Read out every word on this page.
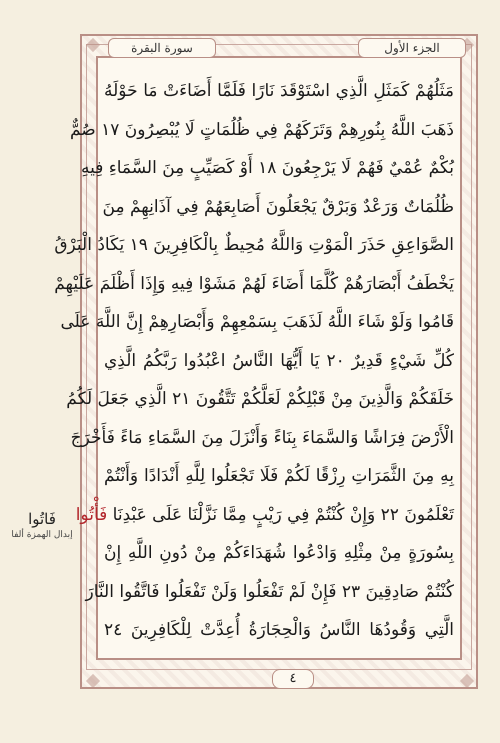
الجزء الأول
سورة البقرة
مَثَلُهُمْ كَمَثَلِ الَّذِي اسْتَوْقَدَ نَارًا فَلَمَّا أَضَاءَتْ مَا حَوْلَهُ
ذَهَبَ اللَّهُ بِنُورِهِمْ وَتَرَكَهُمْ فِي ظُلُمَاتٍ لَا يُبْصِرُونَ ١٧ صُمٌّ
بُكْمٌ عُمْيٌ فَهُمْ لَا يَرْجِعُونَ ١٨ أَوْ كَصَيِّبٍ مِنَ السَّمَاءِ فِيهِ
ظُلُمَاتٌ وَرَعْدٌ وَبَرْقٌ يَجْعَلُونَ أَصَابِعَهُمْ فِي آذَانِهِمْ مِنَ
الصَّوَاعِقِ حَذَرَ الْمَوْتِ وَاللَّهُ مُحِيطٌ بِالْكَافِرِينَ ١٩ يَكَادُ الْبَرْقُ
يَخْطَفُ أَبْصَارَهُمْ كُلَّمَا أَضَاءَ لَهُمْ مَشَوْا فِيهِ وَإِذَا أَظْلَمَ عَلَيْهِمْ
قَامُوا وَلَوْ شَاءَ اللَّهُ لَذَهَبَ بِسَمْعِهِمْ وَأَبْصَارِهِمْ إِنَّ اللَّهَ عَلَى
كُلِّ شَيْءٍ قَدِيرٌ ٢٠ يَا أَيُّهَا النَّاسُ اعْبُدُوا رَبَّكُمُ الَّذِي
خَلَقَكُمْ وَالَّذِينَ مِنْ قَبْلِكُمْ لَعَلَّكُمْ تَتَّقُونَ ٢١ الَّذِي جَعَلَ لَكُمُ
الْأَرْضَ فِرَاشًا وَالسَّمَاءَ بِنَاءً وَأَنْزَلَ مِنَ السَّمَاءِ مَاءً فَأَخْرَجَ
بِهِ مِنَ الثَّمَرَاتِ رِزْقًا لَكُمْ فَلَا تَجْعَلُوا لِلَّهِ أَنْدَادًا وَأَنْتُمْ
تَعْلَمُونَ ٢٢ وَإِنْ كُنْتُمْ فِي رَيْبٍ مِمَّا نَزَّلْنَا عَلَى عَبْدِنَا فَأْتُوا
بِسُورَةٍ مِنْ مِثْلِهِ وَادْعُوا شُهَدَاءَكُمْ مِنْ دُونِ اللَّهِ إِنْ
كُنْتُمْ صَادِقِينَ ٢٣ فَإِنْ لَمْ تَفْعَلُوا وَلَنْ تَفْعَلُوا فَاتَّقُوا النَّارَ
الَّتِي وَقُودُهَا النَّاسُ وَالْحِجَارَةُ أُعِدَّتْ لِلْكَافِرِينَ ٢٤
فَاتُوا
إبدال الهمزة ألفا
٤
